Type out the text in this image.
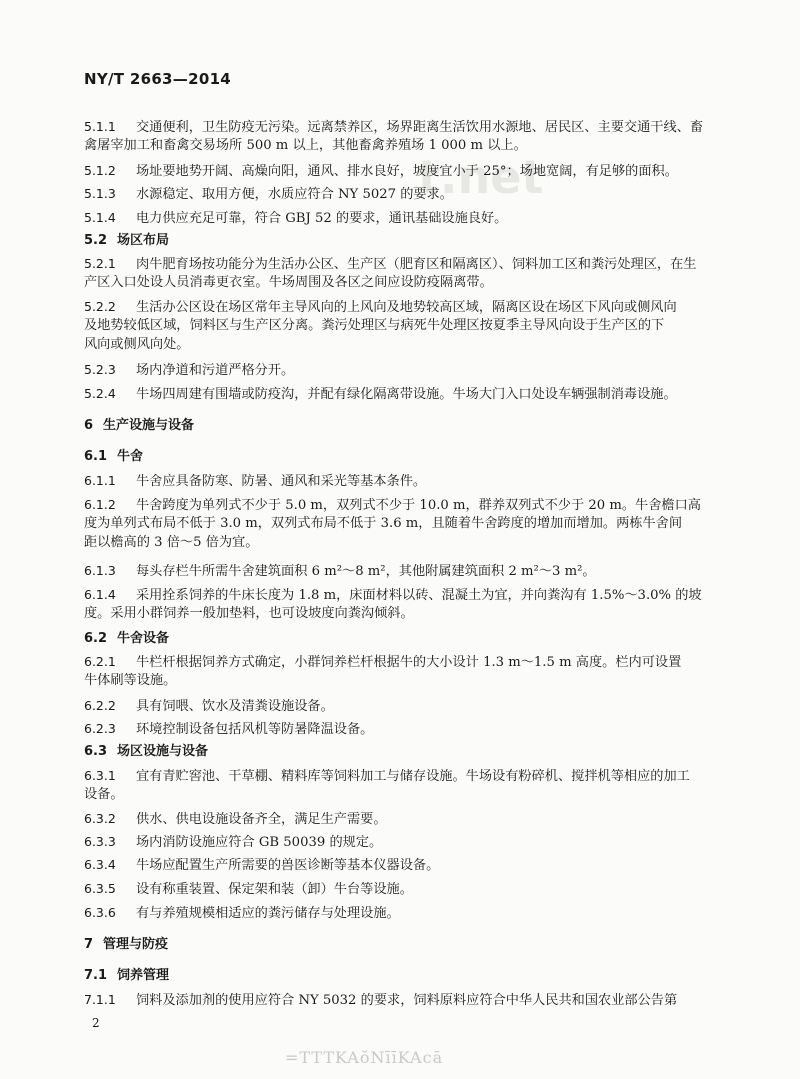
t.net
NY/T 2663—2014
5.1.1 交通便利，卫生防疫无污染。远离禁养区，场界距离生活饮用水源地、居民区、主要交通干线、畜
禽屠宰加工和畜禽交易场所 500 m 以上，其他畜禽养殖场 1 000 m 以上。
5.1.2 场址要地势开阔、高燥向阳，通风、排水良好，坡度宜小于 25°；场地宽阔，有足够的面积。
5.1.3 水源稳定、取用方便，水质应符合 NY 5027 的要求。
5.1.4 电力供应充足可靠，符合 GBJ 52 的要求，通讯基础设施良好。
5.2 场区布局
5.2.1 肉牛肥育场按功能分为生活办公区、生产区（肥育区和隔离区）、饲料加工区和粪污处理区，在生
产区入口处设人员消毒更衣室。牛场周围及各区之间应设防疫隔离带。
5.2.2 生活办公区设在场区常年主导风向的上风向及地势较高区域，隔离区设在场区下风向或侧风向
及地势较低区域，饲料区与生产区分离。粪污处理区与病死牛处理区按夏季主导风向设于生产区的下
风向或侧风向处。
5.2.3 场内净道和污道严格分开。
5.2.4 牛场四周建有围墙或防疫沟，并配有绿化隔离带设施。牛场大门入口处设车辆强制消毒设施。
6 生产设施与设备
6.1 牛舍
6.1.1 牛舍应具备防寒、防暑、通风和采光等基本条件。
6.1.2 牛舍跨度为单列式不少于 5.0 m，双列式不少于 10.0 m，群养双列式不少于 20 m。牛舍檐口高
度为单列式布局不低于 3.0 m，双列式布局不低于 3.6 m，且随着牛舍跨度的增加而增加。两栋牛舍间
距以檐高的 3 倍～5 倍为宜。
6.1.3 每头存栏牛所需牛舍建筑面积 6 m²～8 m²，其他附属建筑面积 2 m²～3 m²。
6.1.4 采用拴系饲养的牛床长度为 1.8 m，床面材料以砖、混凝土为宜，并向粪沟有 1.5%～3.0% 的坡
度。采用小群饲养一般加垫料，也可设坡度向粪沟倾斜。
6.2 牛舍设备
6.2.1 牛栏杆根据饲养方式确定，小群饲养栏杆根据牛的大小设计 1.3 m～1.5 m 高度。栏内可设置
牛体刷等设施。
6.2.2 具有饲喂、饮水及清粪设施设备。
6.2.3 环境控制设备包括风机等防暑降温设备。
6.3 场区设施与设备
6.3.1 宜有青贮窖池、干草棚、精料库等饲料加工与储存设施。牛场设有粉碎机、搅拌机等相应的加工
设备。
6.3.2 供水、供电设施设备齐全，满足生产需要。
6.3.3 场内消防设施应符合 GB 50039 的规定。
6.3.4 牛场应配置生产所需要的兽医诊断等基本仪器设备。
6.3.5 设有称重装置、保定架和装（卸）牛台等设施。
6.3.6 有与养殖规模相适应的粪污储存与处理设施。
7 管理与防疫
7.1 饲养管理
7.1.1 饲料及添加剂的使用应符合 NY 5032 的要求，饲料原料应符合中华人民共和国农业部公告第
2
=TTTKAŏNīīKAcā
